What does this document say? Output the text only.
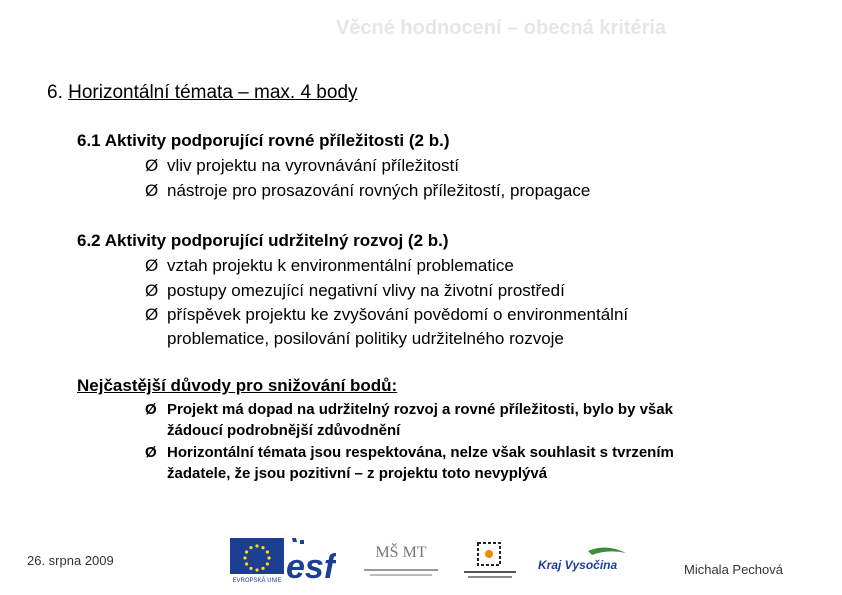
Věcné hodnocení – obecná kritéria
6. Horizontální témata – max. 4 body
6.1 Aktivity podporující rovné příležitosti (2 b.)
Ø vliv projektu na vyrovnávání příležitostí
Ø nástroje pro prosazování rovných příležitostí, propagace
6.2 Aktivity podporující udržitelný rozvoj (2 b.)
Ø vztah projektu k environmentální problematice
Ø postupy omezující negativní vlivy na životní prostředí
Ø příspěvek projektu ke zvyšování povědomí o environmentální
problematice, posilování politiky udržitelného rozvoje
Nejčastější důvody pro snižování bodů:
Ø Projekt má dopad na udržitelný rozvoj a rovné příležitosti, bylo by však
žádoucí podrobnější zdůvodnění
Ø Horizontální témata jsou respektována, nelze však souhlasit s tvrzením
žadatele, že jsou pozitivní – z projektu toto nevyplývá
26. srpna 2009
Michala Pechová
EVROPSKÁ UNIE esf	MŠ MT
Kraj Vysočina
